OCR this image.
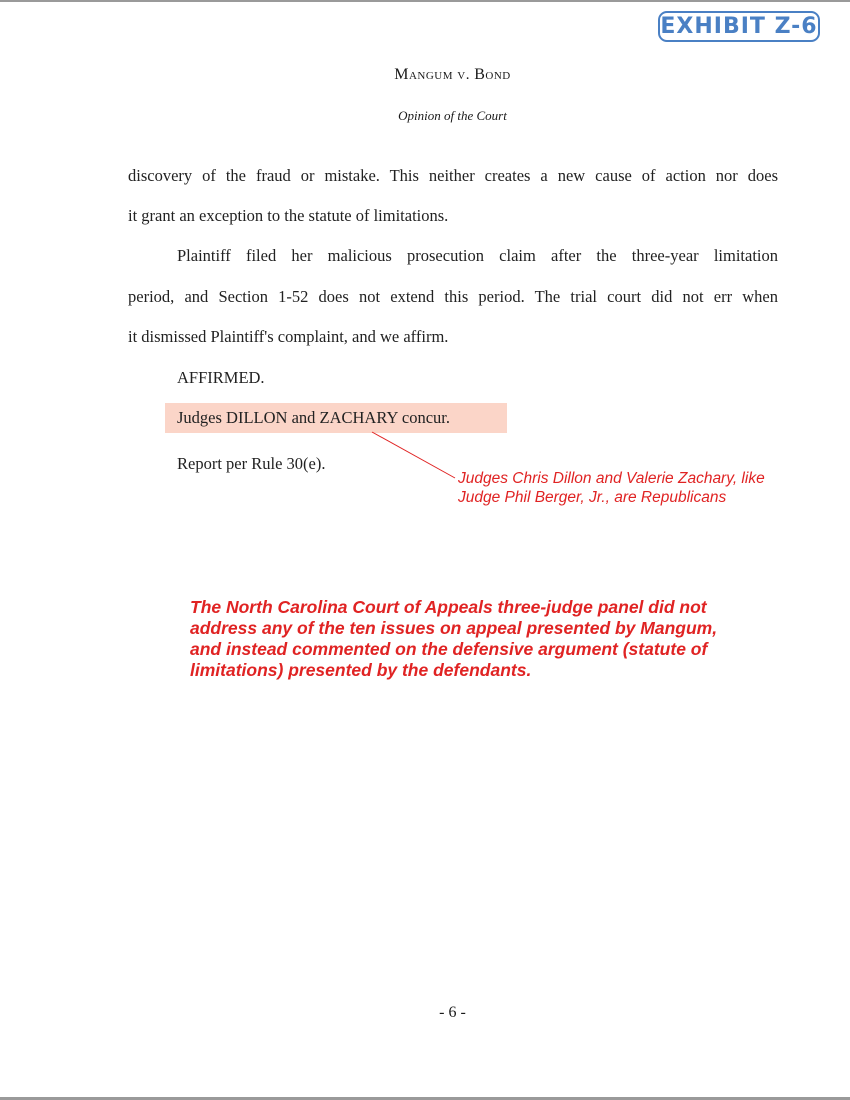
EXHIBIT Z-6
Mangum v. Bond
Opinion of the Court
discovery of the fraud or mistake. This neither creates a new cause of action nor does
it grant an exception to the statute of limitations.
Plaintiff filed her malicious prosecution claim after the three-year limitation
period, and Section 1-52 does not extend this period. The trial court did not err when
it dismissed Plaintiff's complaint, and we affirm.
AFFIRMED.
Judges DILLON and ZACHARY concur.
Report per Rule 30(e).
Judges Chris Dillon and Valerie Zachary, like
Judge Phil Berger, Jr., are Republicans
The North Carolina Court of Appeals three-judge panel did not
address any of the ten issues on appeal presented by Mangum,
and instead commented on the defensive argument (statute of
limitations) presented by the defendants.
- 6 -
